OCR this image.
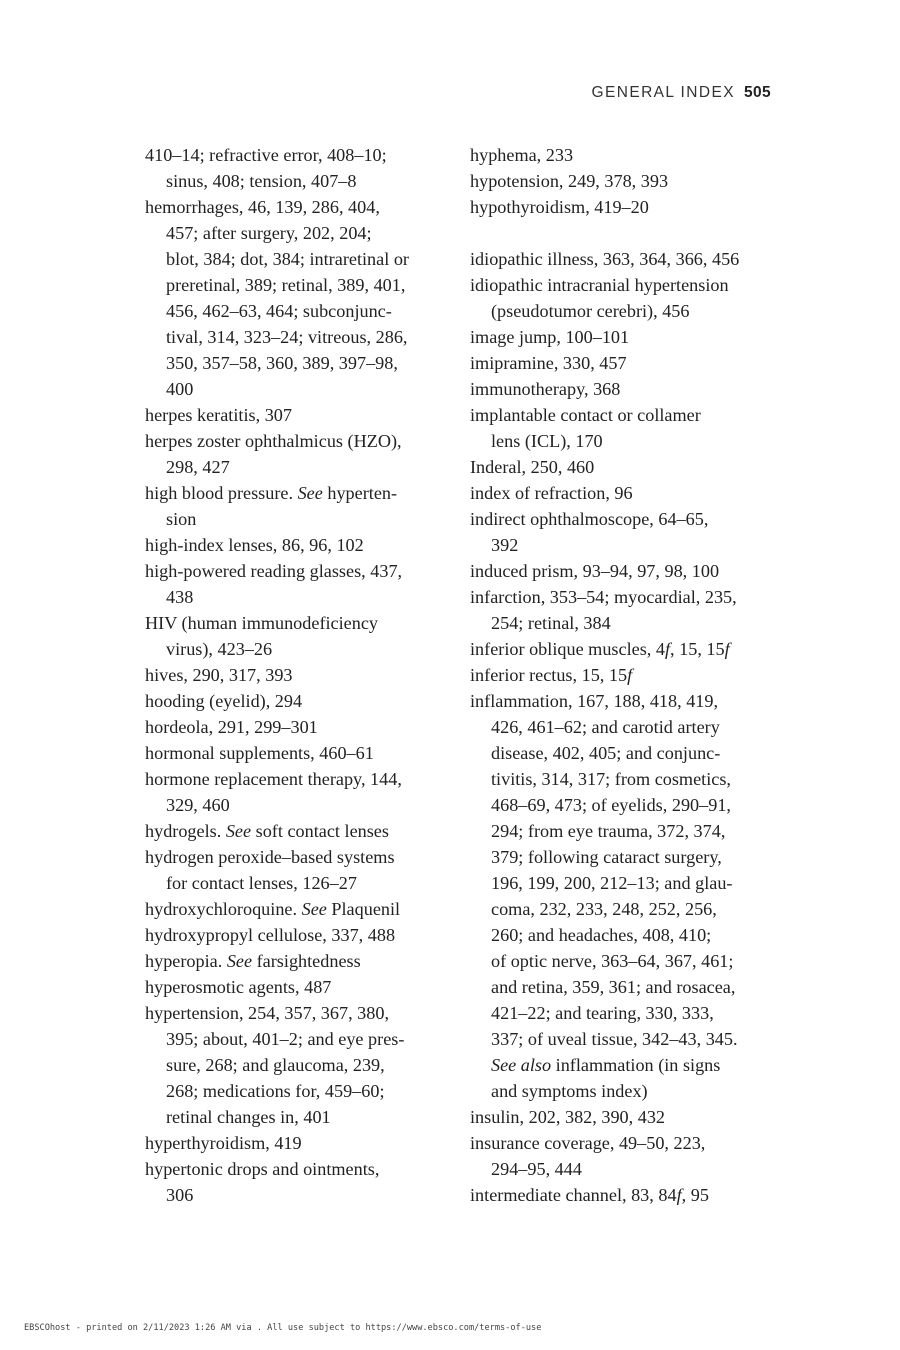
GENERAL INDEX 505
410–14; refractive error, 408–10;
sinus, 408; tension, 407–8
hemorrhages, 46, 139, 286, 404,
457; after surgery, 202, 204;
blot, 384; dot, 384; intraretinal or
preretinal, 389; retinal, 389, 401,
456, 462–63, 464; subconjunc-
tival, 314, 323–24; vitreous, 286,
350, 357–58, 360, 389, 397–98,
400
herpes keratitis, 307
herpes zoster ophthalmicus (HZO),
298, 427
high blood pressure. See hyperten-
sion
high-index lenses, 86, 96, 102
high-powered reading glasses, 437,
438
HIV (human immunodeficiency
virus), 423–26
hives, 290, 317, 393
hooding (eyelid), 294
hordeola, 291, 299–301
hormonal supplements, 460–61
hormone replacement therapy, 144,
329, 460
hydrogels. See soft contact lenses
hydrogen peroxide–based systems
for contact lenses, 126–27
hydroxychloroquine. See Plaquenil
hydroxypropyl cellulose, 337, 488
hyperopia. See farsightedness
hyperosmotic agents, 487
hypertension, 254, 357, 367, 380,
395; about, 401–2; and eye pres-
sure, 268; and glaucoma, 239,
268; medications for, 459–60;
retinal changes in, 401
hyperthyroidism, 419
hypertonic drops and ointments,
306
hyphema, 233
hypotension, 249, 378, 393
hypothyroidism, 419–20
idiopathic illness, 363, 364, 366, 456
idiopathic intracranial hypertension
(pseudotumor cerebri), 456
image jump, 100–101
imipramine, 330, 457
immunotherapy, 368
implantable contact or collamer
lens (ICL), 170
Inderal, 250, 460
index of refraction, 96
indirect ophthalmoscope, 64–65,
392
induced prism, 93–94, 97, 98, 100
infarction, 353–54; myocardial, 235,
254; retinal, 384
inferior oblique muscles, 4f, 15, 15f
inferior rectus, 15, 15f
inflammation, 167, 188, 418, 419,
426, 461–62; and carotid artery
disease, 402, 405; and conjunc-
tivitis, 314, 317; from cosmetics,
468–69, 473; of eyelids, 290–91,
294; from eye trauma, 372, 374,
379; following cataract surgery,
196, 199, 200, 212–13; and glau-
coma, 232, 233, 248, 252, 256,
260; and headaches, 408, 410;
of optic nerve, 363–64, 367, 461;
and retina, 359, 361; and rosacea,
421–22; and tearing, 330, 333,
337; of uveal tissue, 342–43, 345.
See also inflammation (in signs
and symptoms index)
insulin, 202, 382, 390, 432
insurance coverage, 49–50, 223,
294–95, 444
intermediate channel, 83, 84f, 95
EBSCOhost - printed on 2/11/2023 1:26 AM via . All use subject to https://www.ebsco.com/terms-of-use
